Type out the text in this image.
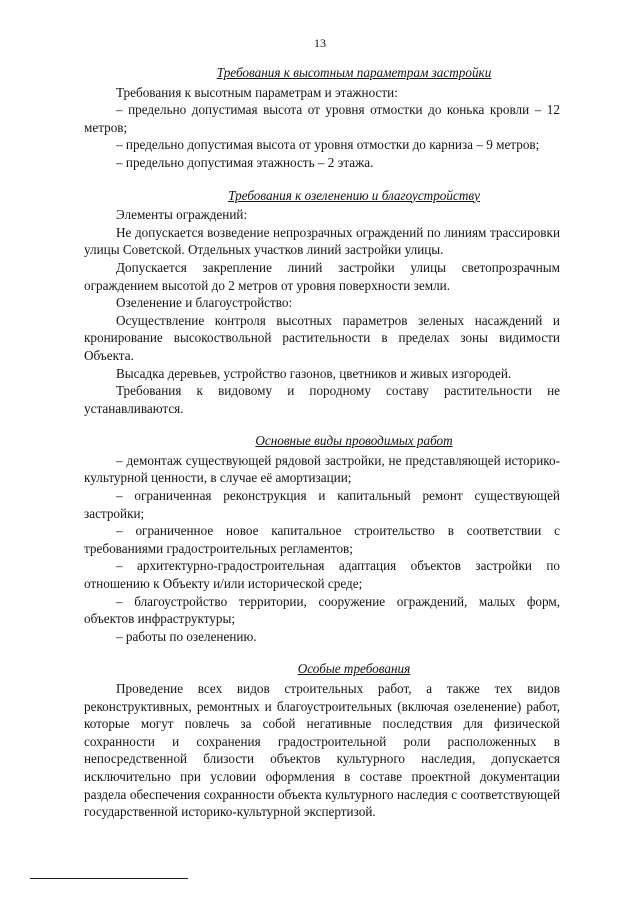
13

Требования к высотным параметрам застройки

Требования к высотным параметрам и этажности:

– предельно допустимая высота от уровня отмостки до конька кровли – 12 метров;

– предельно допустимая высота от уровня отмостки до карниза – 9 метров;

– предельно допустимая этажность – 2 этажа.

Требования к озеленению и благоустройству

Элементы ограждений:

Не допускается возведение непрозрачных ограждений по линиям трассировки улицы Советской. Отдельных участков линий застройки улицы.

Допускается закрепление линий застройки улицы светопрозрачным ограждением высотой до 2 метров от уровня поверхности земли.

Озеленение и благоустройство:

Осуществление контроля высотных параметров зеленых насаждений и кронирование высокоствольной растительности в пределах зоны видимости Объекта.

Высадка деревьев, устройство газонов, цветников и живых изгородей.

Требования к видовому и породному составу растительности не устанавливаются.

Основные виды проводимых работ

– демонтаж существующей рядовой застройки, не представляющей историко-культурной ценности, в случае её амортизации;

– ограниченная реконструкция и капитальный ремонт существующей застройки;

– ограниченное новое капитальное строительство в соответствии с требованиями градостроительных регламентов;

– архитектурно-градостроительная адаптация объектов застройки по отношению к Объекту и/или исторической среде;

– благоустройство территории, сооружение ограждений, малых форм, объектов инфраструктуры;

– работы по озеленению.

Особые требования

Проведение всех видов строительных работ, а также тех видов реконструктивных, ремонтных и благоустроительных (включая озеленение) работ, которые могут повлечь за собой негативные последствия для физической сохранности и сохранения градостроительной роли расположенных в непосредственной близости объектов культурного наследия, допускается исключительно при условии оформления в составе проектной документации раздела обеспечения сохранности объекта культурного наследия с соответствующей государственной историко-культурной экспертизой.
